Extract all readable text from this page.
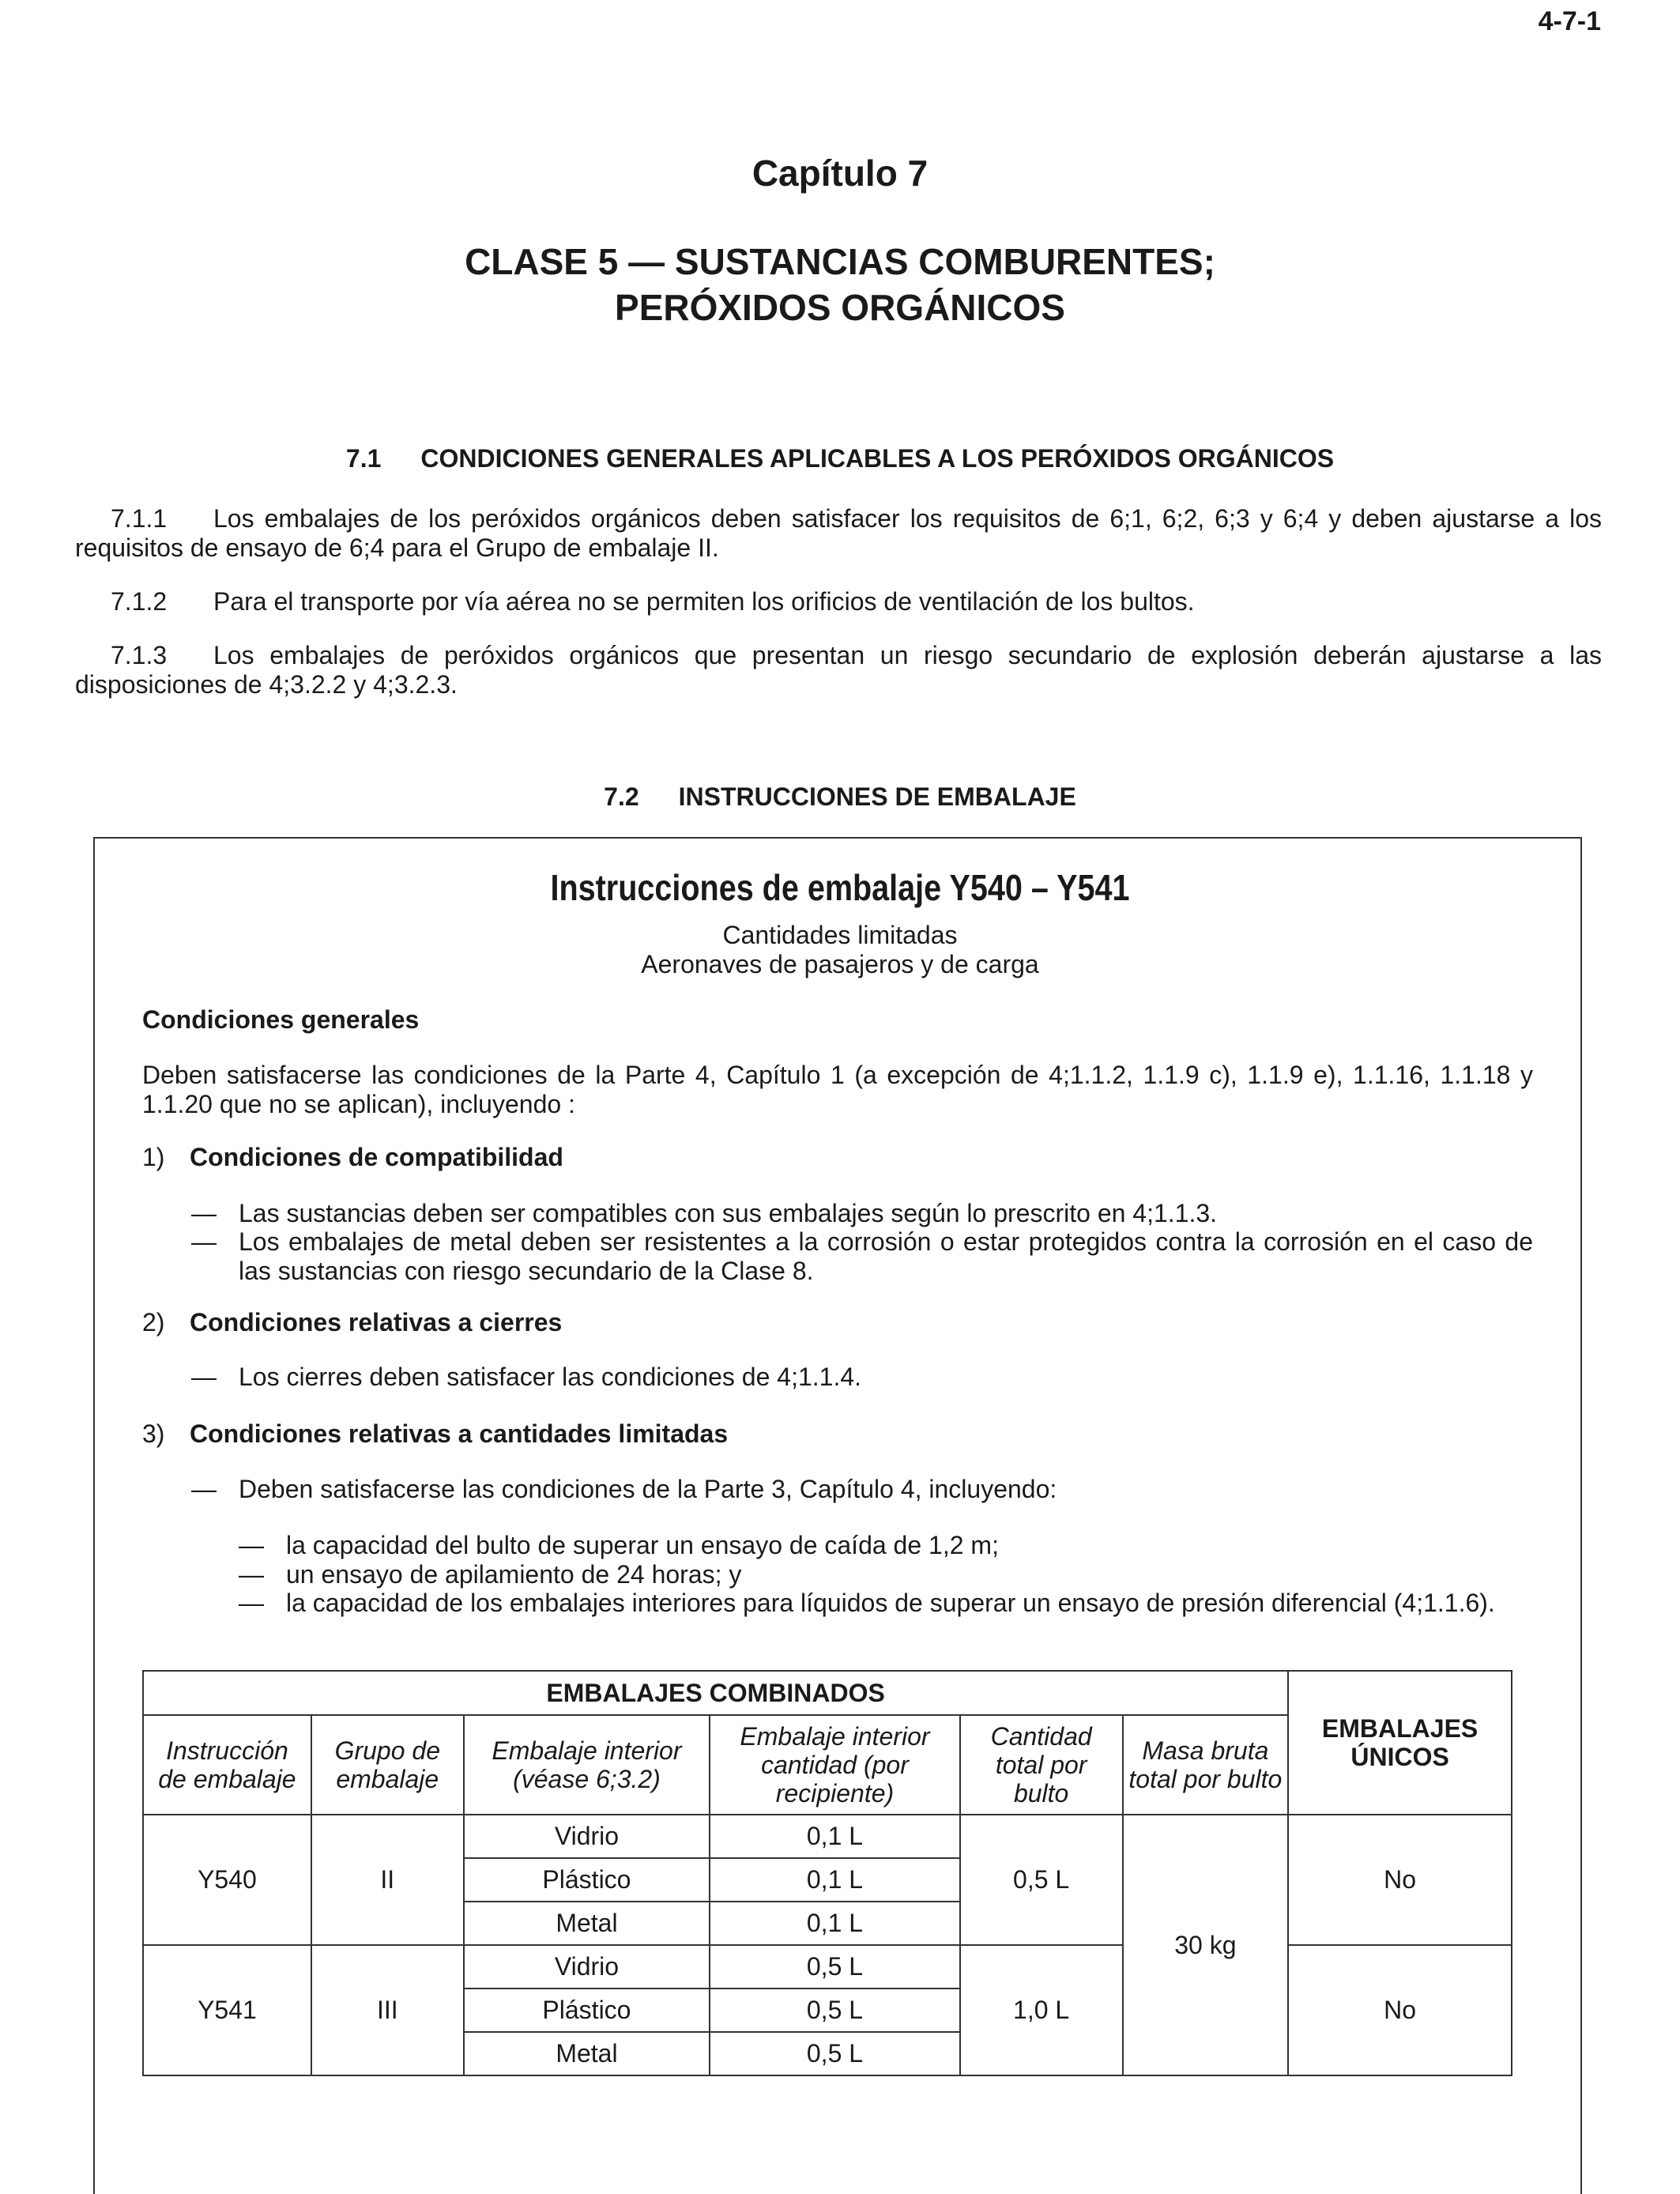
4-7-1
Capítulo 7
CLASE 5 — SUSTANCIAS COMBURENTES;
PERÓXIDOS ORGÁNICOS
7.1 CONDICIONES GENERALES APLICABLES A LOS PERÓXIDOS ORGÁNICOS
7.1.1 Los embalajes de los peróxidos orgánicos deben satisfacer los requisitos de 6;1, 6;2, 6;3 y 6;4 y deben ajustarse a los requisitos de ensayo de 6;4 para el Grupo de embalaje II.
7.1.2 Para el transporte por vía aérea no se permiten los orificios de ventilación de los bultos.
7.1.3 Los embalajes de peróxidos orgánicos que presentan un riesgo secundario de explosión deberán ajustarse a las disposiciones de 4;3.2.2 y 4;3.2.3.
7.2 INSTRUCCIONES DE EMBALAJE
Instrucciones de embalaje Y540 – Y541
Cantidades limitadas
Aeronaves de pasajeros y de carga
Condiciones generales
Deben satisfacerse las condiciones de la Parte 4, Capítulo 1 (a excepción de 4;1.1.2, 1.1.9 c), 1.1.9 e), 1.1.16, 1.1.18 y 1.1.20 que no se aplican), incluyendo :
1) Condiciones de compatibilidad
— Las sustancias deben ser compatibles con sus embalajes según lo prescrito en 4;1.1.3.
— Los embalajes de metal deben ser resistentes a la corrosión o estar protegidos contra la corrosión en el caso de las sustancias con riesgo secundario de la Clase 8.
2) Condiciones relativas a cierres
— Los cierres deben satisfacer las condiciones de 4;1.1.4.
3) Condiciones relativas a cantidades limitadas
— Deben satisfacerse las condiciones de la Parte 3, Capítulo 4, incluyendo:
— la capacidad del bulto de superar un ensayo de caída de 1,2 m;
— un ensayo de apilamiento de 24 horas; y
— la capacidad de los embalajes interiores para líquidos de superar un ensayo de presión diferencial (4;1.1.6).
EMBALAJES COMBINADOS						EMBALAJES ÚNICOS
Instrucción de embalaje	Grupo de embalaje	Embalaje interior (véase 6;3.2)	Embalaje interior cantidad (por recipiente)	Cantidad total por bulto	Masa bruta total por bulto	
Y540	II	Vidrio	0,1 L	0,5 L	30 kg	No
		Plástico	0,1 L			
		Metal	0,1 L			
Y541	III	Vidrio	0,5 L	1,0 L		No
		Plástico	0,5 L			
		Metal	0,5 L			
